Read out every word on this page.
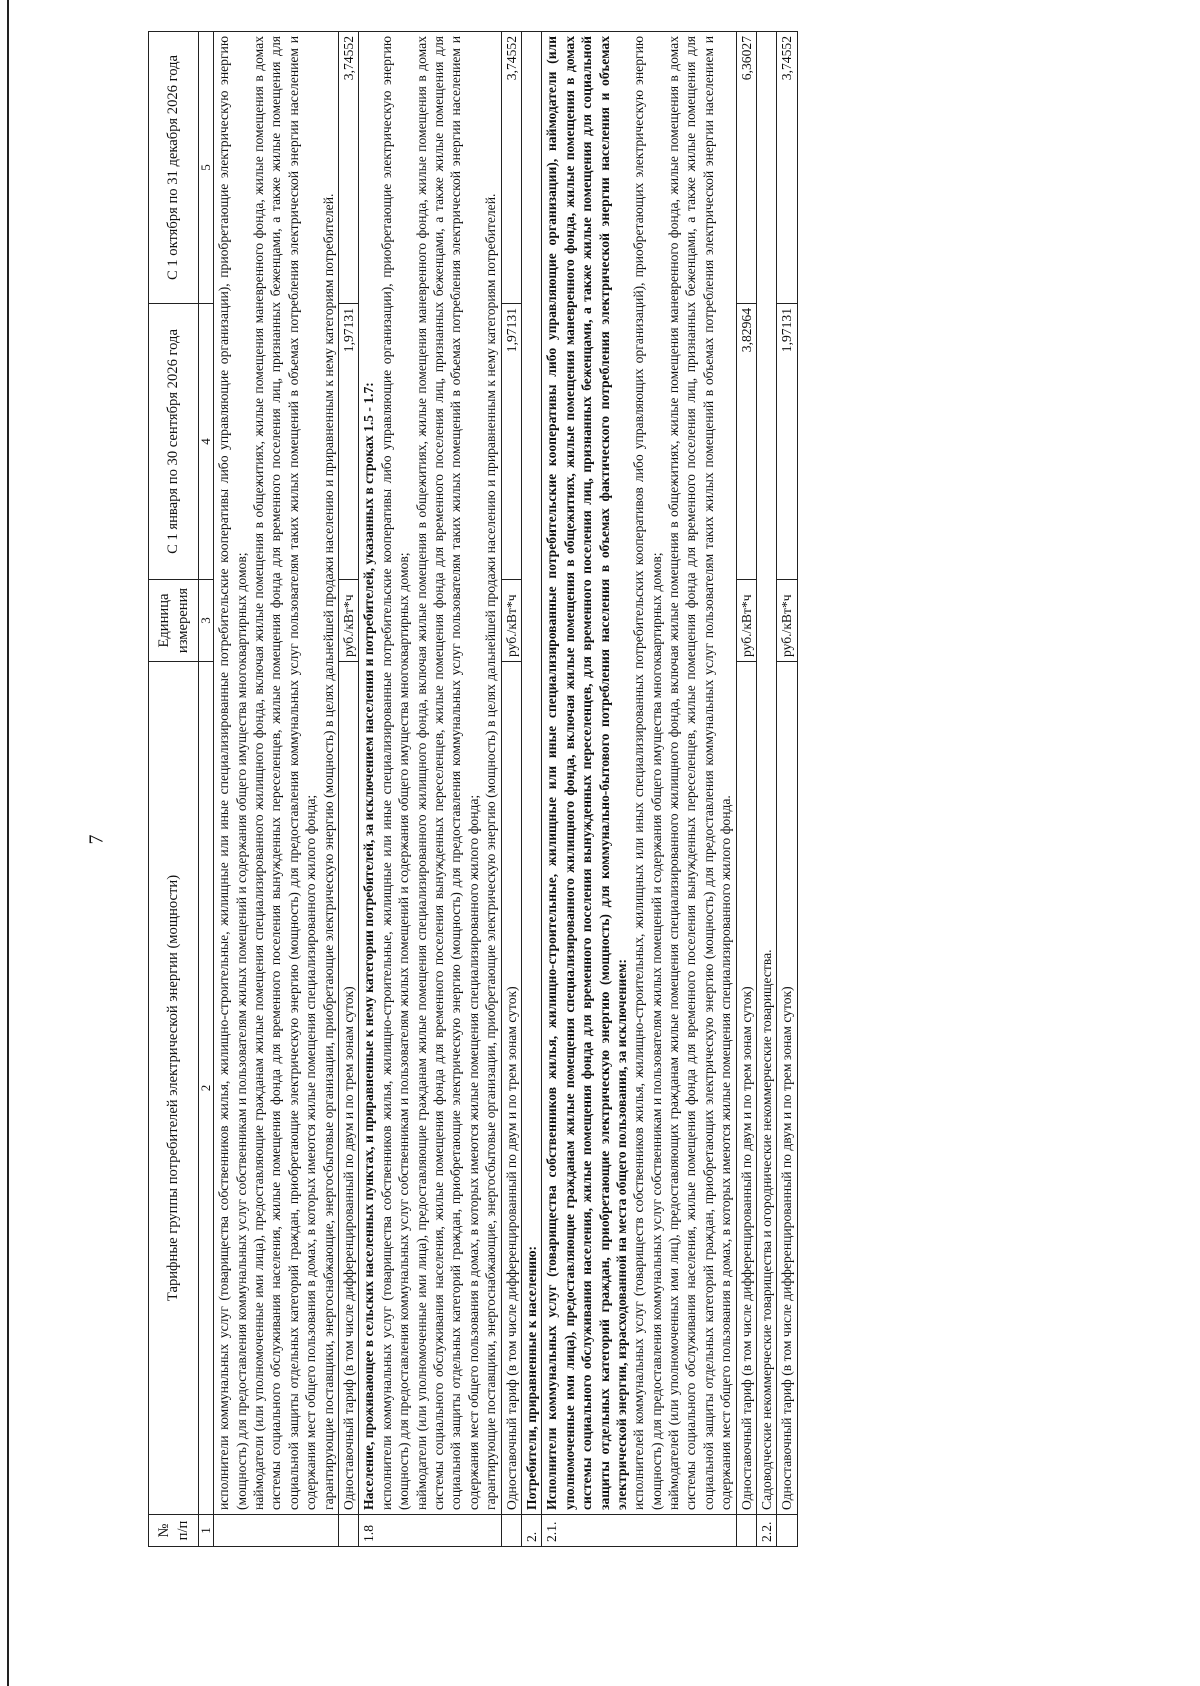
7
№ п/п	Тарифные группы потребителей электрической энергии (мощности)	Единица измерения	С 1 января по 30 сентября 2026 года	С 1 октября по 31 декабря 2026 года
1	2	3	4	5

	исполнители коммунальных услуг (товарищества собственников жилья, жилищно-строительные, жилищные или иные специализированные потребительские кооперативы либо управляющие организации), приобретающие электрическую энергию (мощность) для предоставления коммунальных услуг собственникам и пользователям жилых помещений и содержания общего имущества многоквартирных домов; наймодатели (или уполномоченные ими лица), предоставляющие гражданам жилые помещения специализированного жилищного фонда, включая жилые помещения в общежитиях, жилые помещения маневренного фонда, жилые помещения в домах системы социального обслуживания населения, жилые помещения фонда для временного поселения вынужденных переселенцев, жилые помещения фонда для временного поселения лиц, признанных беженцами, а также жилые помещения для социальной защиты отдельных категорий граждан, приобретающие электрическую энергию (мощность) для предоставления коммунальных услуг пользователям таких жилых помещений в объемах потребления электрической энергии населением и содержания мест общего пользования в домах, в которых имеются жилые помещения специализированного жилого фонда; гарантирующие поставщики, энергоснабжающие, энергосбытовые организации, приобретающие электрическую энергию (мощность) в целях дальнейшей продажи населению и приравненным к нему категориям потребителей.			

	Одноставочный тариф (в том числе дифференцированный по двум и по трем зонам суток)	руб./кВт*ч	1,97131	3,74552
1.8	Население, проживающее в сельских населенных пунктах, и приравненные к нему категории потребителей, за исключением населения и потребителей, указанных в строках 1.5 - 1.7: исполнители коммунальных услуг (товарищества собственников жилья, жилищно-строительные, жилищные или иные специализированные потребительские кооперативы либо управляющие организации), приобретающие электрическую энергию (мощность) для предоставления коммунальных услуг собственникам и пользователям жилых помещений и содержания общего имущества многоквартирных домов; наймодатели (или уполномоченные ими лица), предоставляющие гражданам жилые помещения специализированного жилищного фонда, включая жилые помещения в общежитиях, жилые помещения маневренного фонда, жилые помещения в домах системы социального обслуживания населения, жилые помещения фонда для временного поселения вынужденных переселенцев, жилые помещения фонда для временного поселения лиц, признанных беженцами, а также жилые помещения для социальной защиты отдельных категорий граждан, приобретающие электрическую энергию (мощность) для предоставления коммунальных услуг пользователям таких жилых помещений в объемах потребления электрической энергии населением и содержания мест общего пользования в домах, в которых имеются жилые помещения специализированного жилого фонда; гарантирующие поставщики, энергоснабжающие, энергосбытовые организации, приобретающие электрическую энергию (мощность) в целях дальнейшей продажи населению и приравненным к нему категориям потребителей.			

	Одноставочный тариф (в том числе дифференцированный по двум и по трем зонам суток)	руб./кВт*ч	1,97131	3,74552
2.	Потребители, приравненные к населению:			
2.1.	Исполнители коммунальных услуг (товарищества собственников жилья, жилищно-строительные, жилищные или иные специализированные потребительские кооперативы либо управляющие организации), наймодатели (или уполномоченные ими лица), предоставляющие гражданам жилые помещения специализированного жилищного фонда, включая жилые помещения в общежитиях, жилые помещения маневренного фонда, жилые помещения в домах системы социального обслуживания населения, жилые помещения фонда для временного поселения вынужденных переселенцев, для временного поселения лиц, признанных беженцами, а также жилые помещения для социальной защиты отдельных категорий граждан, приобретающие электрическую энергию (мощность) для коммунально-бытового потребления населения в объемах фактического потребления электрической энергии населения и объемах электрической энергии, израсходованной на места общего пользования, за исключением: исполнителей коммунальных услуг (товариществ собственников жилья, жилищно-строительных, жилищных или иных специализированных потребительских кооперативов либо управляющих организаций), приобретающих электрическую энергию (мощность) для предоставления коммунальных услуг собственникам и пользователям жилых помещений и содержания общего имущества многоквартирных домов; наймодателей (или уполномоченных ими лиц), предоставляющих гражданам жилые помещения специализированного жилищного фонда, включая жилые помещения в общежитиях, жилые помещения маневренного фонда, жилые помещения в домах системы социального обслуживания населения, жилые помещения фонда для временного поселения вынужденных переселенцев, жилые помещения фонда для временного поселения лиц, признанных беженцами, а также жилые помещения для социальной защиты отдельных категорий граждан, приобретающих электрическую энергию (мощность) для предоставления коммунальных услуг пользователям таких жилых помещений в объемах потребления электрической энергии населением и содержания мест общего пользования в домах, в которых имеются жилые помещения специализированного жилого фонда.			

	Одноставочный тариф (в том числе дифференцированный по двум и по трем зонам суток)	руб./кВт*ч	3,82964	6,36027
2.2.	Садоводческие некоммерческие товарищества и огороднические некоммерческие товарищества.			
	Одноставочный тариф (в том числе дифференцированный по двум и по трем зонам суток)	руб./кВт*ч	1,97131	3,74552
